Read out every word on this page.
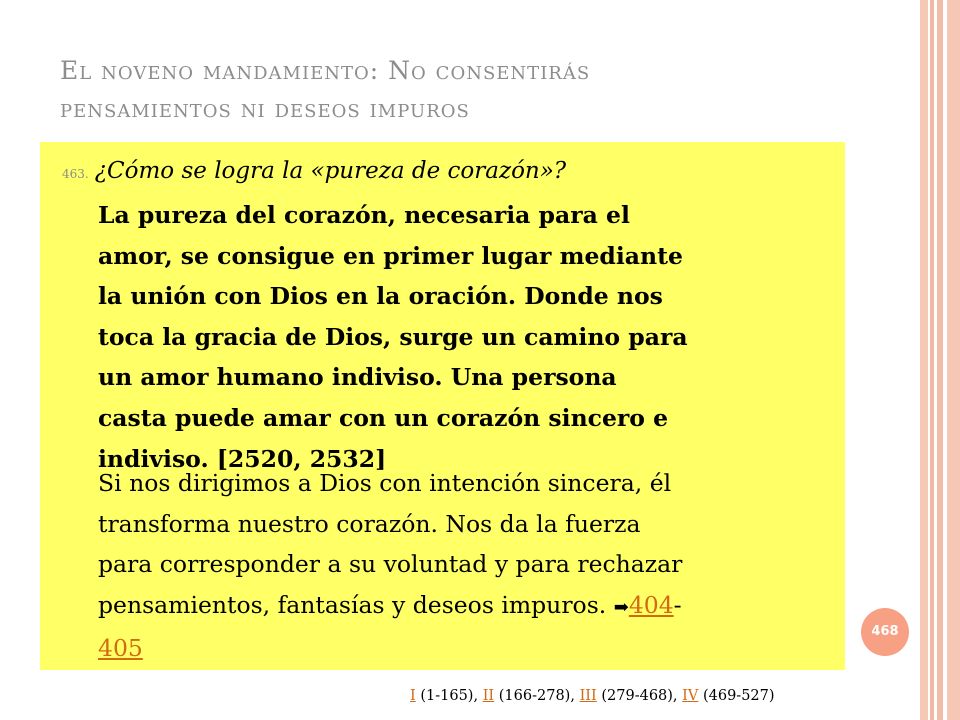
El noveno mandamiento: No consentirás
pensamientos ni deseos impuros
463. ¿Cómo se logra la «pureza de corazón»?
La pureza del corazón, necesaria para el
amor, se consigue en primer lugar mediante
la unión con Dios en la oración. Donde nos
toca la gracia de Dios, surge un camino para
un amor humano indiviso. Una persona
casta puede amar con un corazón sincero e
indiviso. [2520, 2532]
Si nos dirigimos a Dios con intención sincera, él
transforma nuestro corazón. Nos da la fuerza
para corresponder a su voluntad y para rechazar
pensamientos, fantasías y deseos impuros. ➡404-
405
468
I (1-165), II (166-278), III (279-468), IV (469-527)
